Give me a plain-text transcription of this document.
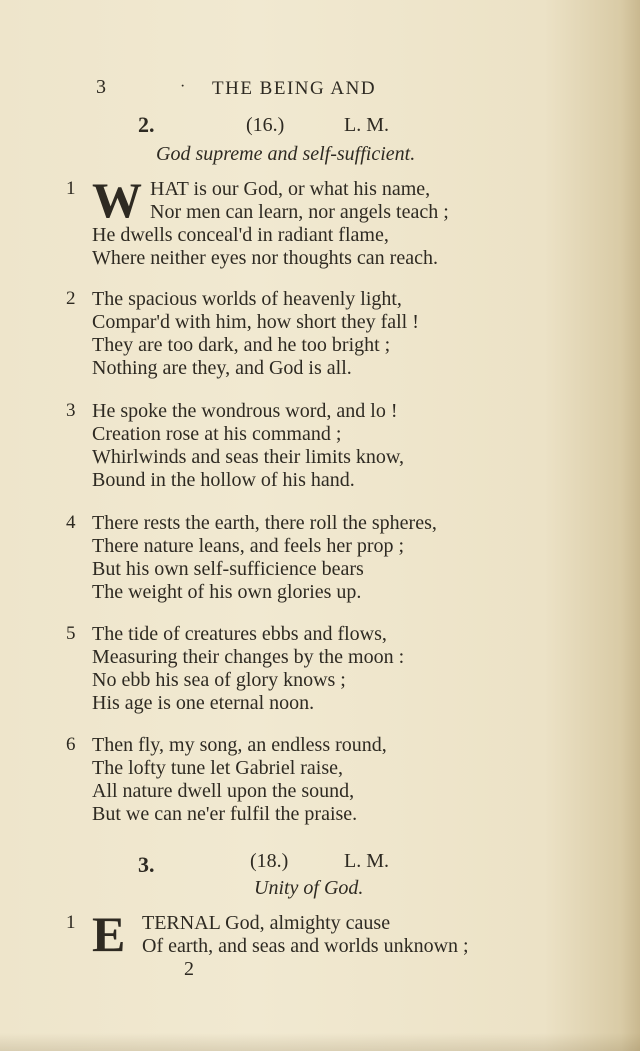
3	· THE BEING AND
2.	(16.)	L. M.
God supreme and self-sufficient.
1 W HAT is our God, or what his name,
Nor men can learn, nor angels teach ;
He dwells conceal'd in radiant flame,
Where neither eyes nor thoughts can reach.
2 The spacious worlds of heavenly light,
Compar'd with him, how short they fall !
They are too dark, and he too bright ;
Nothing are they, and God is all.
3 He spoke the wondrous word, and lo !
Creation rose at his command ;
Whirlwinds and seas their limits know,
Bound in the hollow of his hand.
4 There rests the earth, there roll the spheres,
There nature leans, and feels her prop ;
But his own self-sufficience bears
The weight of his own glories up.
5 The tide of creatures ebbs and flows,
Measuring their changes by the moon :
No ebb his sea of glory knows ;
His age is one eternal noon.
6 Then fly, my song, an endless round,
The lofty tune let Gabriel raise,
All nature dwell upon the sound,
But we can ne'er fulfil the praise.
3.	(18.)	L. M.
Unity of God.
1 E TERNAL God, almighty cause
Of earth, and seas and worlds unknown ;
2
